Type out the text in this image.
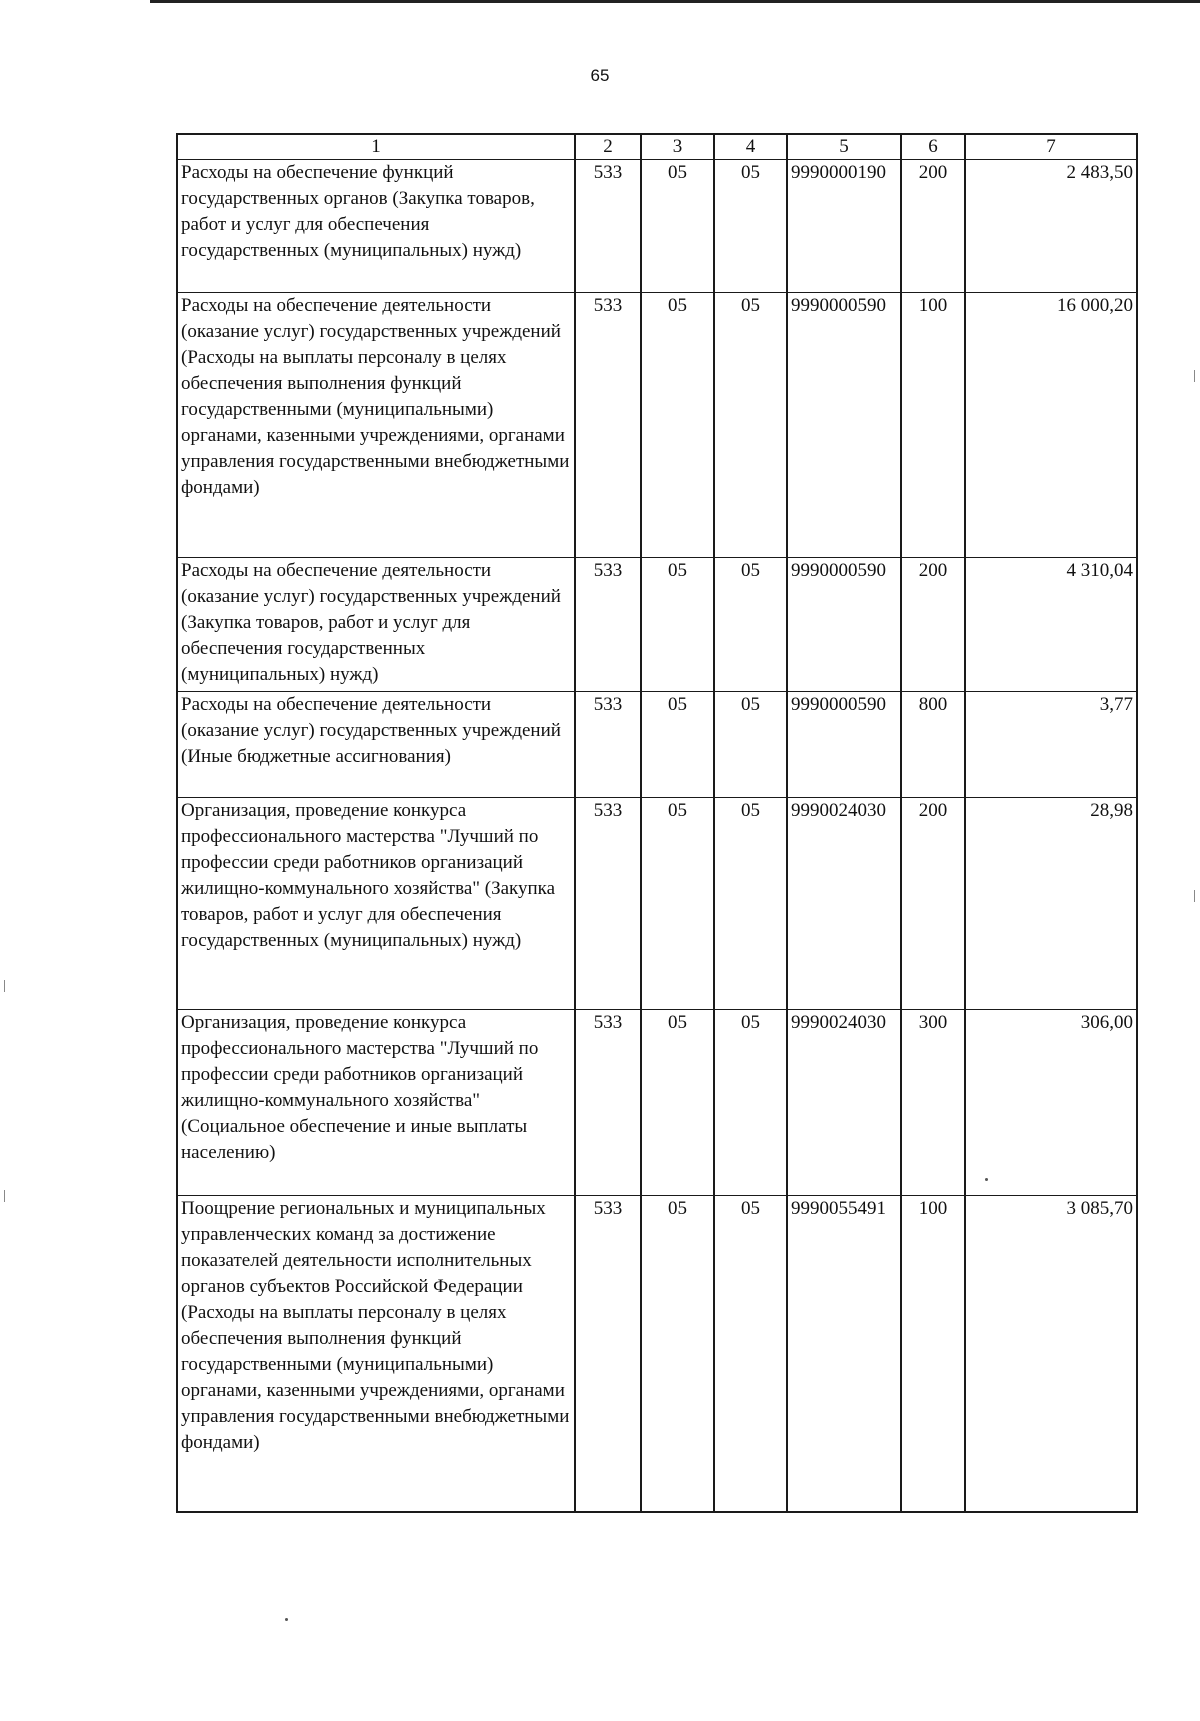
65
1	2	3	4	5	6	7
Расходы на обеспечение функций государственных органов (Закупка товаров, работ и услуг для обеспечения государственных (муниципальных) нужд)	533	05	05	9990000190	200	2 483,50
Расходы на обеспечение деятельности (оказание услуг) государственных учреждений (Расходы на выплаты персоналу в целях обеспечения выполнения функций государственными (муниципальными) органами, казенными учреждениями, органами управления государственными внебюджетными фондами)	533	05	05	9990000590	100	16 000,20
Расходы на обеспечение деятельности (оказание услуг) государственных учреждений (Закупка товаров, работ и услуг для обеспечения государственных (муниципальных) нужд)	533	05	05	9990000590	200	4 310,04
Расходы на обеспечение деятельности (оказание услуг) государственных учреждений (Иные бюджетные ассигнования)	533	05	05	9990000590	800	3,77
Организация, проведение конкурса профессионального мастерства "Лучший по профессии среди работников организаций жилищно-коммунального хозяйства" (Закупка товаров, работ и услуг для обеспечения государственных (муниципальных) нужд)	533	05	05	9990024030	200	28,98
Организация, проведение конкурса профессионального мастерства "Лучший по профессии среди работников организаций жилищно-коммунального хозяйства" (Социальное обеспечение и иные выплаты населению)	533	05	05	9990024030	300	306,00
Поощрение региональных и муниципальных управленческих команд за достижение показателей деятельности исполнительных органов субъектов Российской Федерации (Расходы на выплаты персоналу в целях обеспечения выполнения функций государственными (муниципальными) органами, казенными учреждениями, органами управления государственными внебюджетными фондами)	533	05	05	9990055491	100	3 085,70
